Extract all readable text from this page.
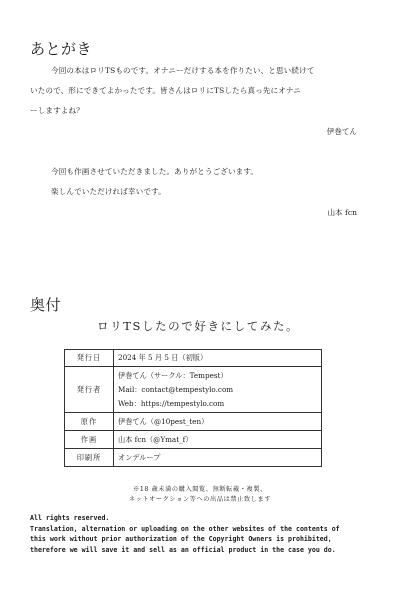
あとがき
今回の本はロリTSものです。オナニーだけする本を作りたい、と思い続けて
いたので、形にできてよかったです。皆さんはロリにTSしたら真っ先にオナニ
ーしますよね？
伊巻てん
今回も作画させていただきました。ありがとうございます。
楽しんでいただければ幸いです。
山本 fcn
奥付
ロリTSしたので好きにしてみた。
発行日	2024 年 5 月 5 日（初版）
発行者	伊巻てん（サークル：Tempest）
Mail：contact@tempestylo.com
Web：https://tempestylo.com

原作	伊巻てん（@10pest_ten）
作画	山本 fcn（@Ymat_f）
印刷所	オンデループ
※18 歳未満の購入閲覧、無断転載・複製、
ネットオークション等への出品は禁止致します
All rights reserved.
Translation, alternation or uploading on the other websites of the contents of
this work without prior authorization of the Copyright Owners is prohibited,
therefore we will save it and sell as an official product in the case you do.
